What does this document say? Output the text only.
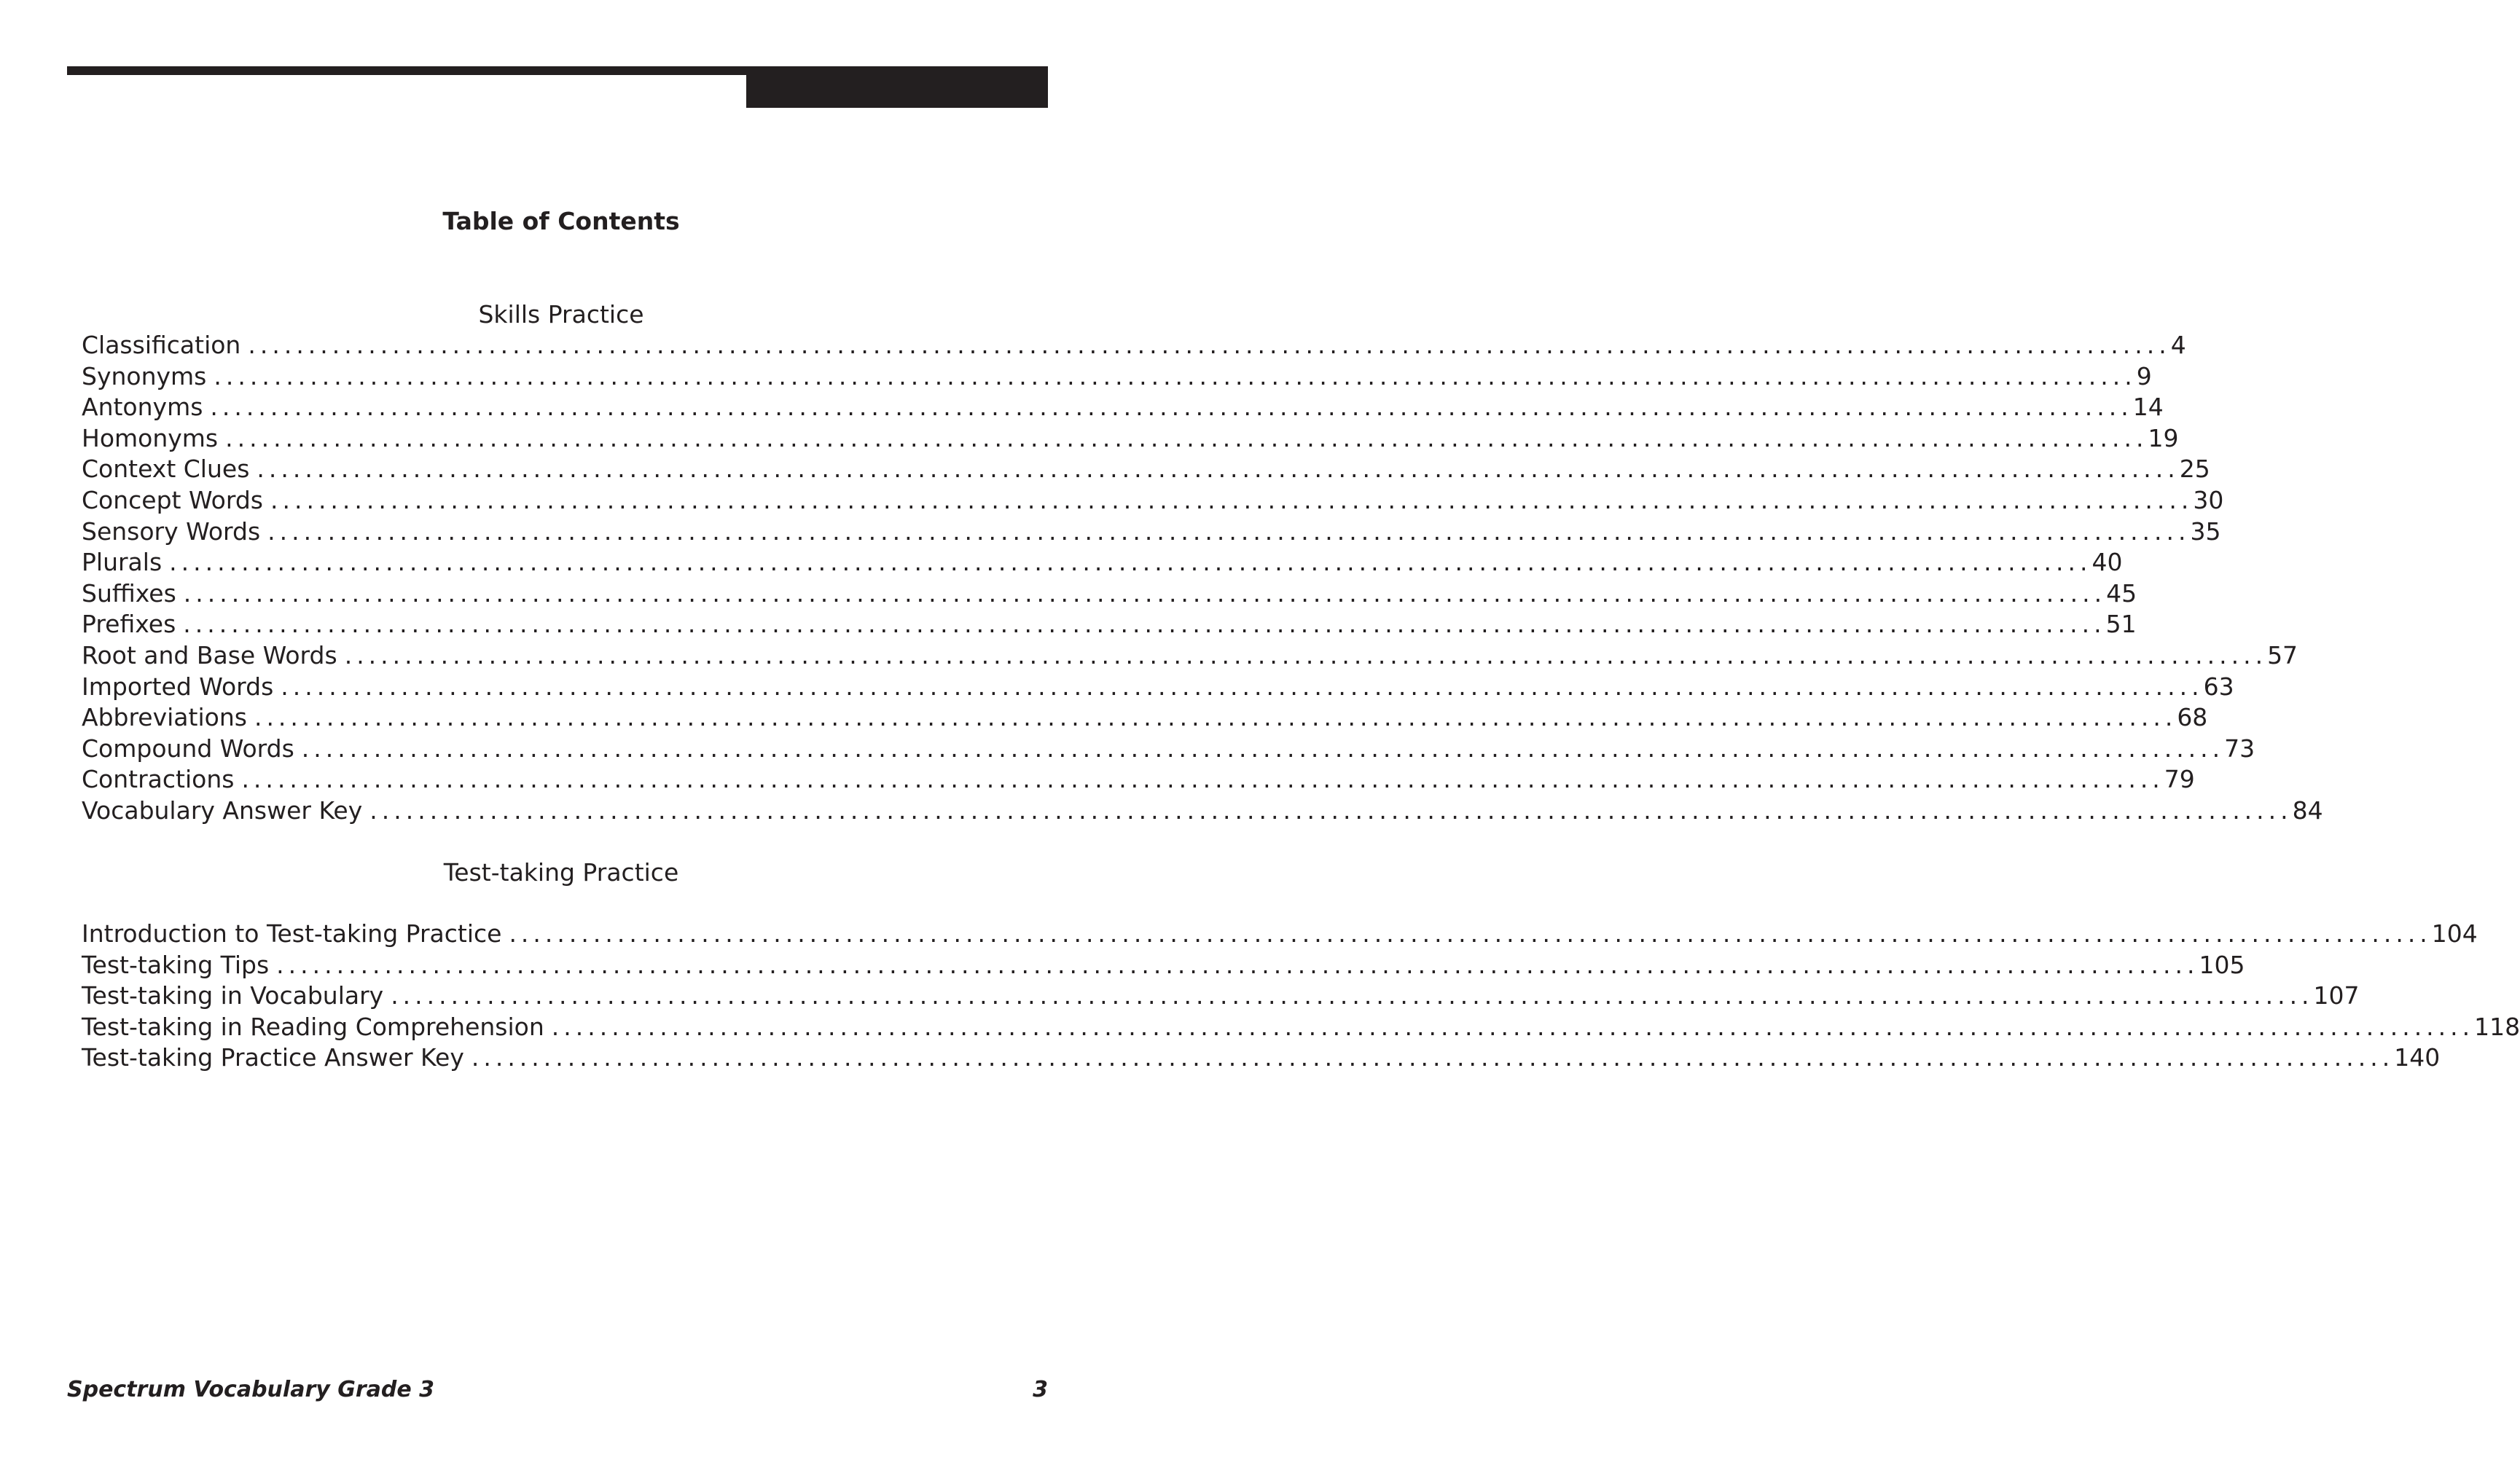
Table of Contents
Skills Practice
Classification ................................................................................................................................................................ 4
Synonyms ................................................................................................................................................................ 9
Antonyms ................................................................................................................................................................ 14
Homonyms ................................................................................................................................................................ 19
Context Clues ................................................................................................................................................................ 25
Concept Words ................................................................................................................................................................ 30
Sensory Words ................................................................................................................................................................ 35
Plurals ................................................................................................................................................................ 40
Suffixes ................................................................................................................................................................ 45
Prefixes ................................................................................................................................................................ 51
Root and Base Words ................................................................................................................................................................ 57
Imported Words ................................................................................................................................................................ 63
Abbreviations ................................................................................................................................................................ 68
Compound Words ................................................................................................................................................................ 73
Contractions ................................................................................................................................................................ 79
Vocabulary Answer Key ................................................................................................................................................................ 84
Test-taking Practice
Introduction to Test-taking Practice ................................................................................................................................................................ 104
Test-taking Tips ................................................................................................................................................................ 105
Test-taking in Vocabulary ................................................................................................................................................................ 107
Test-taking in Reading Comprehension ................................................................................................................................................................ 118
Test-taking Practice Answer Key ................................................................................................................................................................ 140
Spectrum Vocabulary Grade 3	3
